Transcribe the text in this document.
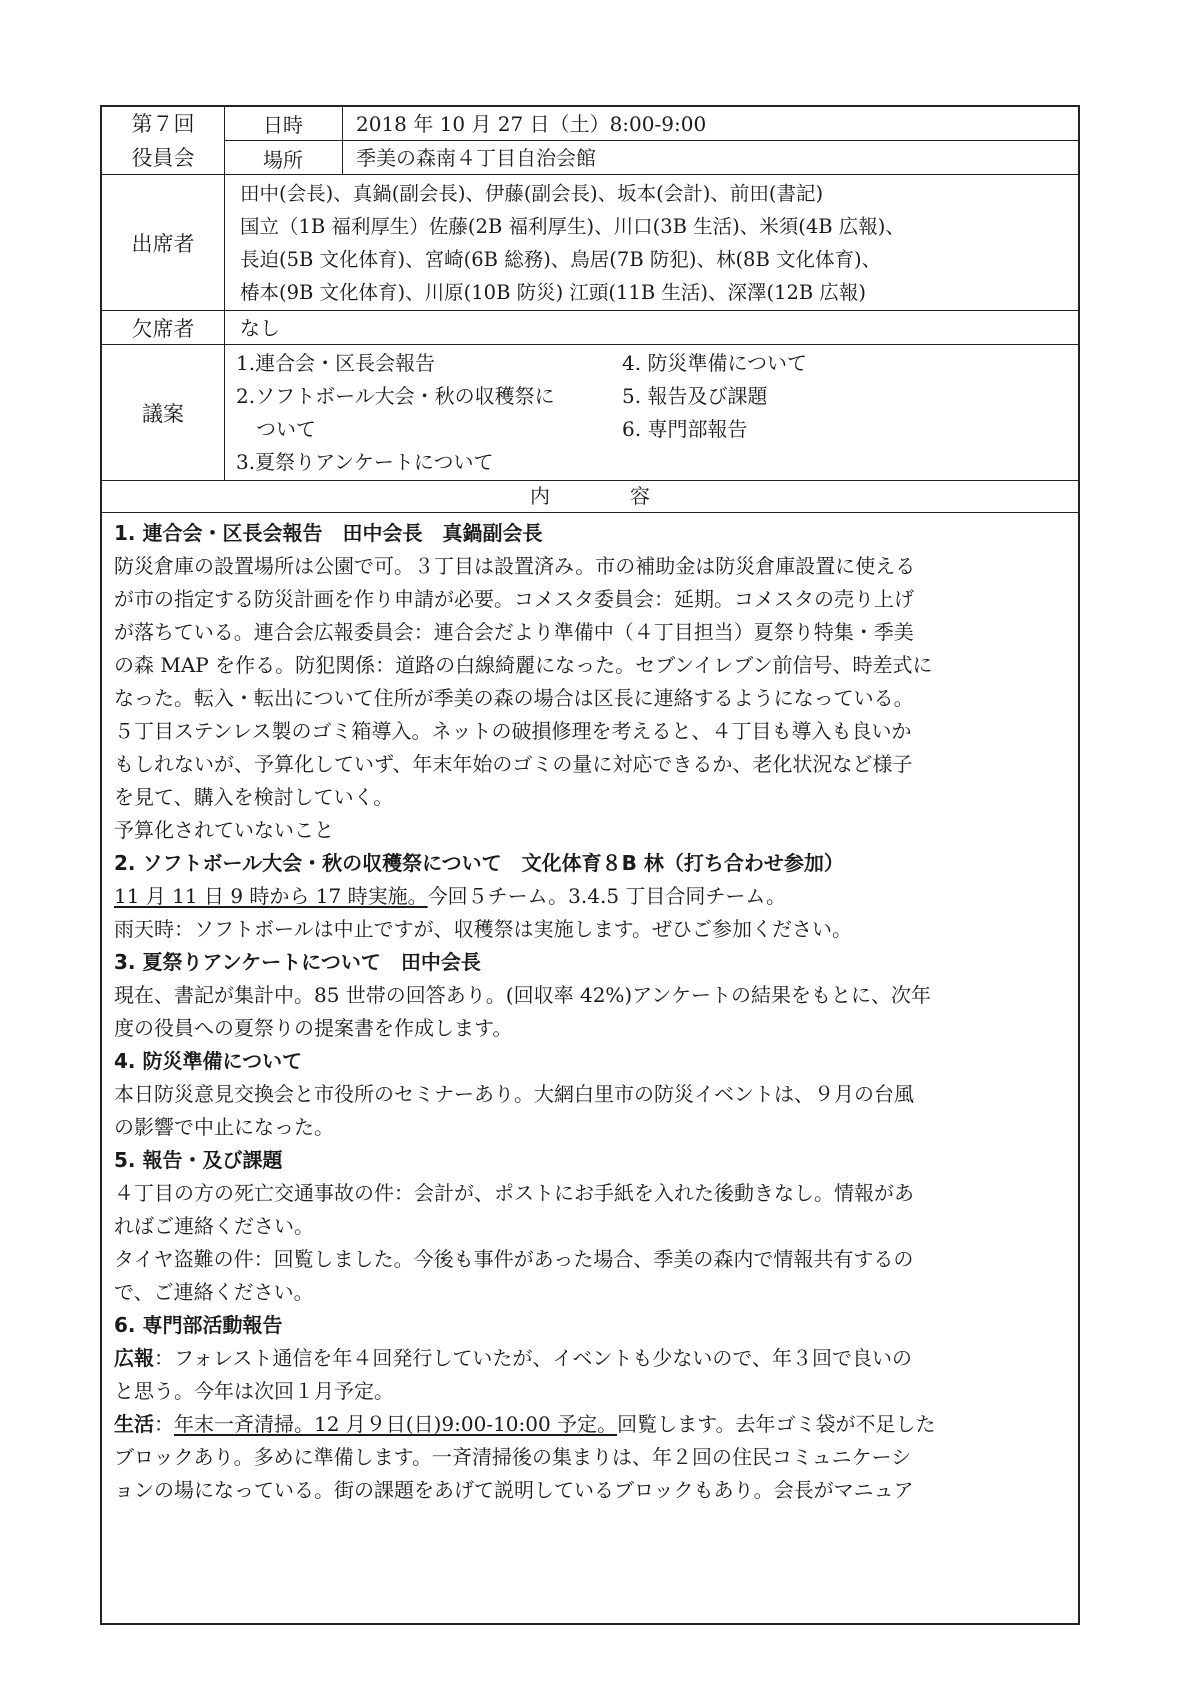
第７回
役員会
日時	2018 年 10 月 27 日（土）8:00-9:00
場所	季美の森南４丁目自治会館
出席者
田中(会長)、真鍋(副会長)、伊藤(副会長)、坂本(会計)、前田(書記)
国立（1B 福利厚生）佐藤(2B 福利厚生)、川口(3B 生活)、米須(4B 広報)、
長迫(5B 文化体育)、宮崎(6B 総務)、鳥居(7B 防犯)、林(8B 文化体育)、
椿本(9B 文化体育)、川原(10B 防災) 江頭(11B 生活)、深澤(12B 広報)
欠席者	なし
議案
1.連合会・区長会報告
2.ソフトボール大会・秋の収穫祭に
　ついて
3.夏祭りアンケートについて
4. 防災準備について
5. 報告及び課題
6. 専門部報告
内　　　　容

1. 連合会・区長会報告　田中会長　真鍋副会長

防災倉庫の設置場所は公園で可。３丁目は設置済み。市の補助金は防災倉庫設置に使える

が市の指定する防災計画を作り申請が必要。コメスタ委員会：延期。コメスタの売り上げ

が落ちている。連合会広報委員会：連合会だより準備中（４丁目担当）夏祭り特集・季美

の森 MAP を作る。防犯関係：道路の白線綺麗になった。セブンイレブン前信号、時差式に

なった。転入・転出について住所が季美の森の場合は区長に連絡するようになっている。

５丁目ステンレス製のゴミ箱導入。ネットの破損修理を考えると、４丁目も導入も良いか

もしれないが、予算化していず、年末年始のゴミの量に対応できるか、老化状況など様子

を見て、購入を検討していく。

予算化されていないこと

2. ソフトボール大会・秋の収穫祭について　文化体育８B 林（打ち合わせ参加）

11 月 11 日 9 時から 17 時実施。今回５チーム。3.4.5 丁目合同チーム。

雨天時：ソフトボールは中止ですが、収穫祭は実施します。ぜひご参加ください。

3. 夏祭りアンケートについて　田中会長

現在、書記が集計中。85 世帯の回答あり。(回収率 42%)アンケートの結果をもとに、次年

度の役員への夏祭りの提案書を作成します。

4. 防災準備について

本日防災意見交換会と市役所のセミナーあり。大網白里市の防災イベントは、９月の台風

の影響で中止になった。

5. 報告・及び課題

４丁目の方の死亡交通事故の件：会計が、ポストにお手紙を入れた後動きなし。情報があ

ればご連絡ください。

タイヤ盗難の件：回覧しました。今後も事件があった場合、季美の森内で情報共有するの

で、ご連絡ください。

6. 専門部活動報告

広報：フォレスト通信を年４回発行していたが、イベントも少ないので、年３回で良いの

と思う。今年は次回１月予定。

生活：年末一斉清掃。12 月９日(日)9:00-10:00 予定。回覧します。去年ゴミ袋が不足した

ブロックあり。多めに準備します。一斉清掃後の集まりは、年２回の住民コミュニケーシ

ョンの場になっている。街の課題をあげて説明しているブロックもあり。会長がマニュア
